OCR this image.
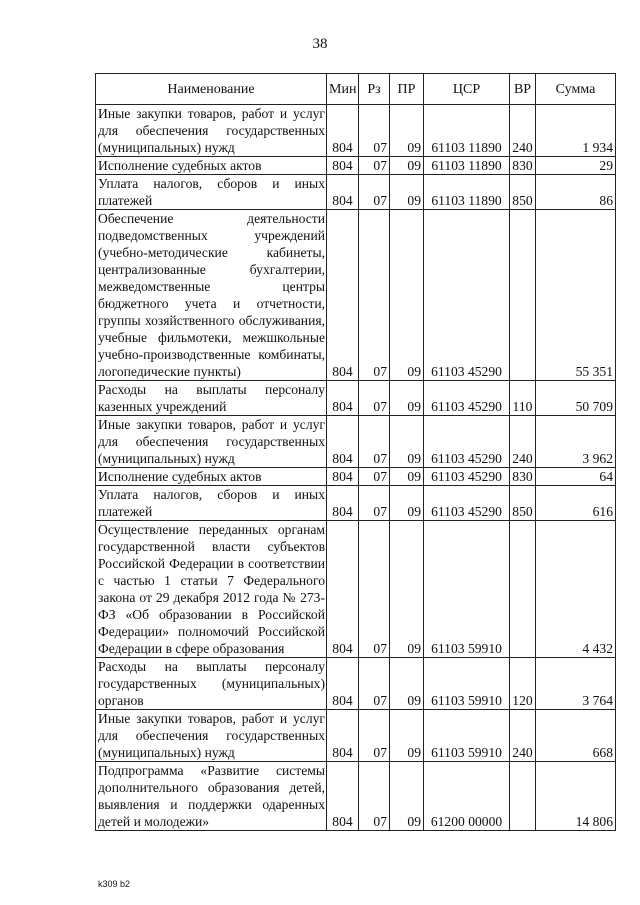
38
Наименование	Мин	Рз	ПР	ЦСР	ВР	Сумма
Иные закупки товаров, работ и услуг для обеспечения государственных (муниципальных) нужд	804	07	09	61103 11890	240	1 934
Исполнение судебных актов	804	07	09	61103 11890	830	29
Уплата налогов, сборов и иных платежей	804	07	09	61103 11890	850	86
Обеспечение деятельности подведомственных учреждений (учебно-методические кабинеты, централизованные бухгалтерии, межведомственные центры бюджетного учета и отчетности, группы хозяйственного обслуживания, учебные фильмотеки, межшкольные учебно-производственные комбинаты, логопедические пункты)	804	07	09	61103 45290		55 351
Расходы на выплаты персоналу казенных учреждений	804	07	09	61103 45290	110	50 709
Иные закупки товаров, работ и услуг для обеспечения государственных (муниципальных) нужд	804	07	09	61103 45290	240	3 962
Исполнение судебных актов	804	07	09	61103 45290	830	64
Уплата налогов, сборов и иных платежей	804	07	09	61103 45290	850	616
Осуществление переданных органам государственной власти субъектов Российской Федерации в соответствии с частью 1 статьи 7 Федерального закона от 29 декабря 2012 года № 273-ФЗ «Об образовании в Российской Федерации» полномочий Российской Федерации в сфере образования	804	07	09	61103 59910		4 432
Расходы на выплаты персоналу государственных (муниципальных) органов	804	07	09	61103 59910	120	3 764
Иные закупки товаров, работ и услуг для обеспечения государственных (муниципальных) нужд	804	07	09	61103 59910	240	668
Подпрограмма «Развитие системы дополнительного образования детей, выявления и поддержки одаренных детей и молодежи»	804	07	09	61200 00000		14 806
k309 b2
